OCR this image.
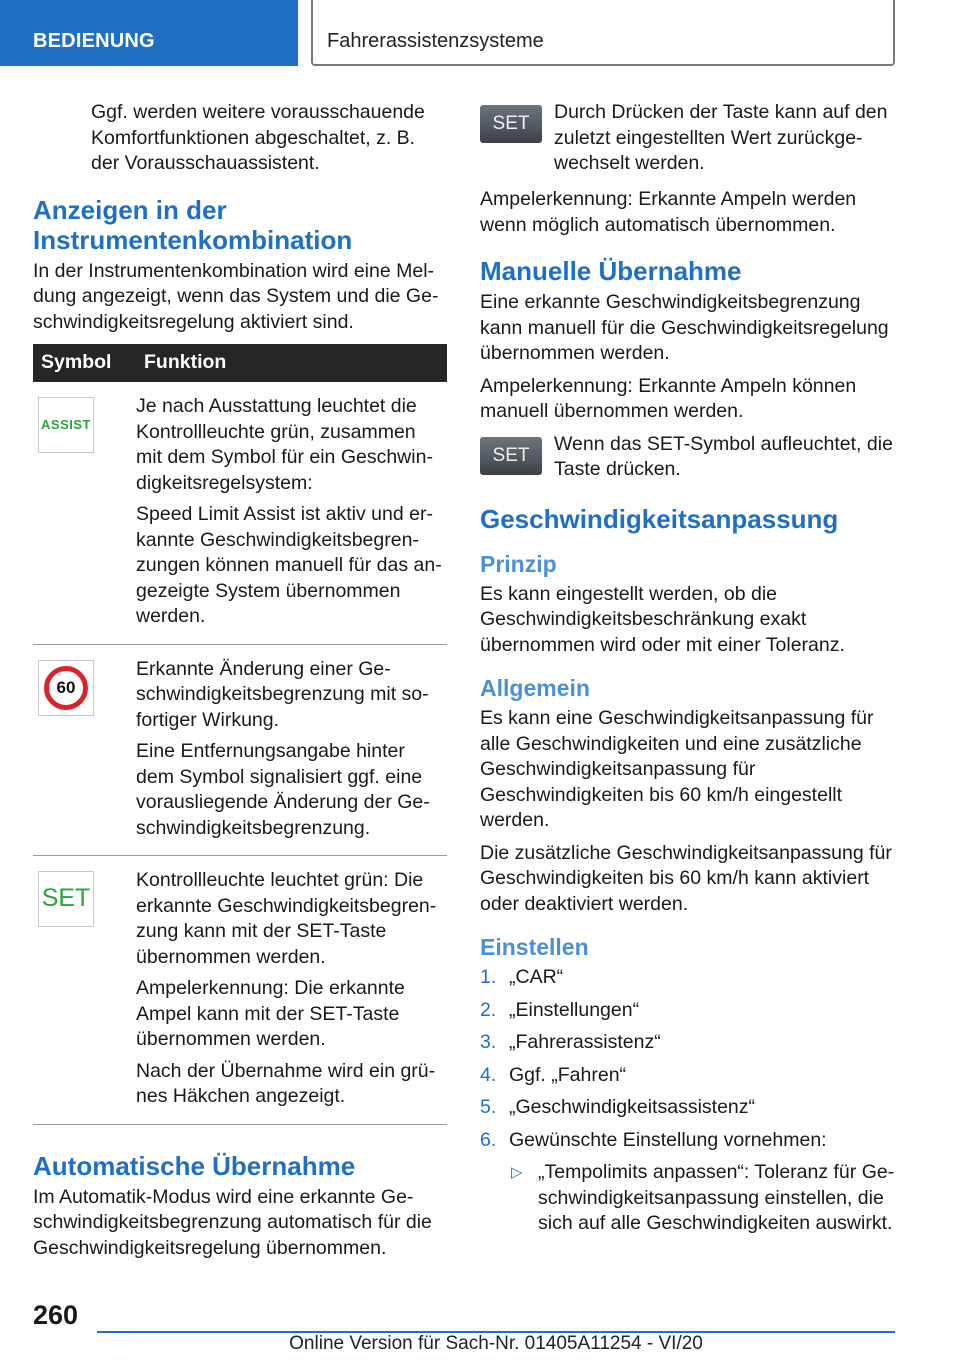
BEDIENUNG	Fahrerassistenzsysteme

Ggf. werden weitere vorausschauende Komfortfunktionen abgeschaltet, z. B. der Vorausschauassistent.

Anzeigen in der Instrumentenkombination

In der Instrumentenkombination wird eine Meldung angezeigt, wenn das System und die Geschwindigkeitsregelung aktiviert sind.

Symbol	Funktion

ASSIST	Je nach Ausstattung leuchtet die Kontrollleuchte grün, zusammen mit dem Symbol für ein Geschwindigkeitsregelsystem:

Speed Limit Assist ist aktiv und erkannte Geschwindigkeitsbegrenzungen können manuell für das angezeigte System übernommen werden.

60	Erkannte Änderung einer Geschwindigkeitsbegrenzung mit sofortiger Wirkung.

Eine Entfernungsangabe hinter dem Symbol signalisiert ggf. eine vorausliegende Änderung der Geschwindigkeitsbegrenzung.

SET	Kontrollleuchte leuchtet grün: Die erkannte Geschwindigkeitsbegrenzung kann mit der SET-Taste übernommen werden.

Ampelerkennung: Die erkannte Ampel kann mit der SET-Taste übernommen werden.

Nach der Übernahme wird ein grünes Häkchen angezeigt.

Automatische Übernahme

Im Automatik-Modus wird eine erkannte Geschwindigkeitsbegrenzung automatisch für die Geschwindigkeitsregelung übernommen.

SET
Durch Drücken der Taste kann auf den zuletzt eingestellten Wert zurückgewechselt werden.

Ampelerkennung: Erkannte Ampeln werden wenn möglich automatisch übernommen.

Manuelle Übernahme

Eine erkannte Geschwindigkeitsbegrenzung kann manuell für die Geschwindigkeitsregelung übernommen werden.

Ampelerkennung: Erkannte Ampeln können manuell übernommen werden.

SET
Wenn das SET-Symbol aufleuchtet, die Taste drücken.
Geschwindigkeitsanpassung
Prinzip

Es kann eingestellt werden, ob die Geschwindigkeitsbeschränkung exakt übernommen wird oder mit einer Toleranz.

Allgemein

Es kann eine Geschwindigkeitsanpassung für alle Geschwindigkeiten und eine zusätzliche Geschwindigkeitsanpassung für Geschwindigkeiten bis 60 km/h eingestellt werden.

Die zusätzliche Geschwindigkeitsanpassung für Geschwindigkeiten bis 60 km/h kann aktiviert oder deaktiviert werden.

Einstellen
1. „CAR“
2. „Einstellungen“
3. „Fahrerassistenz“
4. Ggf. „Fahren“
5. „Geschwindigkeitsassistenz“
6. Gewünschte Einstellung vornehmen:
▷ „Tempolimits anpassen“: Toleranz für Geschwindigkeitsanpassung einstellen, die sich auf alle Geschwindigkeiten auswirkt.
260
Online Version für Sach-Nr. 01405A11254 - VI/20
